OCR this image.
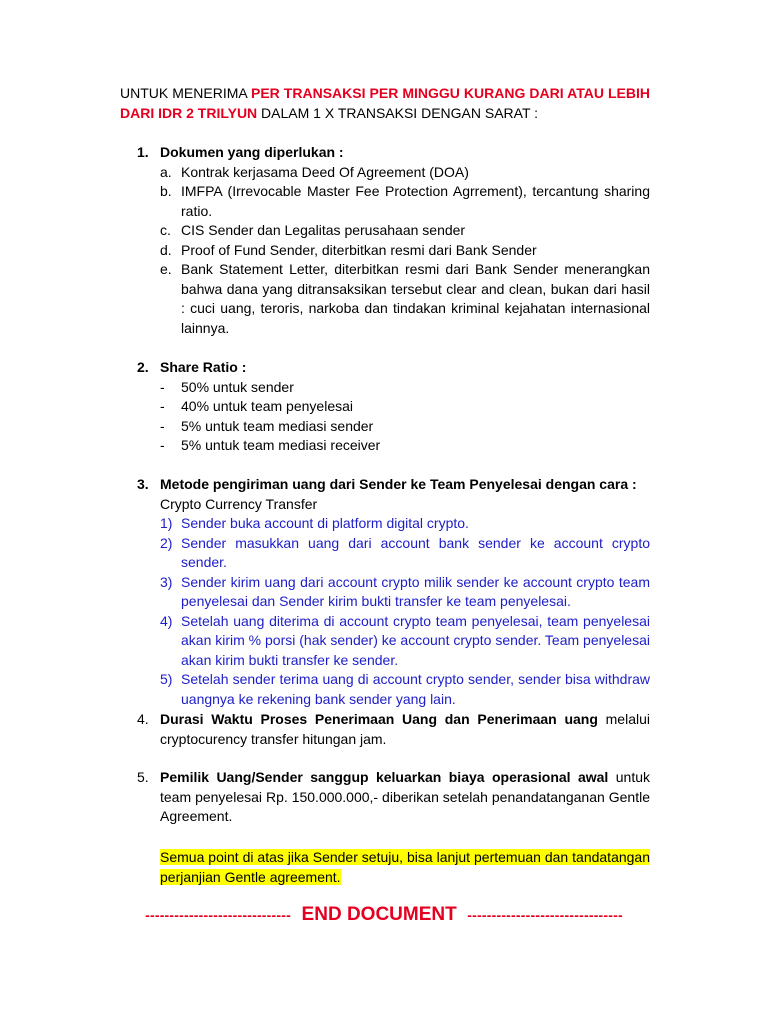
UNTUK MENERIMA PER TRANSAKSI PER MINGGU KURANG DARI ATAU LEBIH DARI IDR 2 TRILYUN DALAM 1 X TRANSAKSI DENGAN SARAT :

1. Dokumen yang diperlukan :
a. Kontrak kerjasama Deed Of Agreement (DOA)
b. IMFPA (Irrevocable Master Fee Protection Agrrement), tercantung sharing ratio.
c. CIS Sender dan Legalitas perusahaan sender
d. Proof of Fund Sender, diterbitkan resmi dari Bank Sender
e. Bank Statement Letter, diterbitkan resmi dari Bank Sender menerangkan bahwa dana yang ditransaksikan tersebut clear and clean, bukan dari hasil : cuci uang, teroris, narkoba dan tindakan kriminal kejahatan internasional lainnya.
2. Share Ratio :
-	50% untuk sender
-	40% untuk team penyelesai
-	5% untuk team mediasi sender
-	5% untuk team mediasi receiver
3. Metode pengiriman uang dari Sender ke Team Penyelesai dengan cara :
Crypto Currency Transfer
1) Sender buka account di platform digital crypto.
2) Sender masukkan uang dari account bank sender ke account crypto sender.
3) Sender kirim uang dari account crypto milik sender ke account crypto team penyelesai dan Sender kirim bukti transfer ke team penyelesai.
4) Setelah uang diterima di account crypto team penyelesai, team penyelesai akan kirim % porsi (hak sender) ke account crypto sender. Team penyelesai akan kirim bukti transfer ke sender.
5) Setelah sender terima uang di account crypto sender, sender bisa withdraw uangnya ke rekening bank sender yang lain.
4. Durasi Waktu Proses Penerimaan Uang dan Penerimaan uang melalui cryptocurency transfer hitungan jam.
5. Pemilik Uang/Sender sanggup keluarkan biaya operasional awal untuk team penyelesai Rp. 150.000.000,- diberikan setelah penandatanganan Gentle Agreement.
Semua point di atas jika Sender setuju, bisa lanjut pertemuan dan tandatangan perjanjian Gentle agreement.
------------------------------ END DOCUMENT --------------------------------
